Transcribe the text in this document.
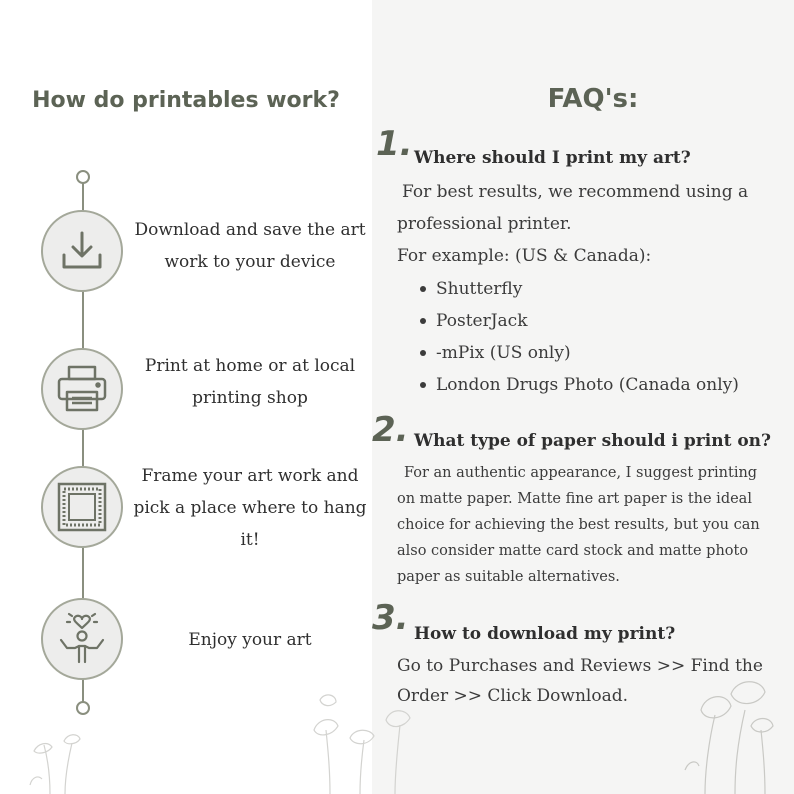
How do printables work?
Download and save the art work to your device
Print at home or at local printing shop
Frame your art work and pick a place where to hang it!
Enjoy your art
FAQ's:
1. Where should I print my art?
For best results, we recommend using a
professional printer.
For example: (US & Canada):
Shutterfly
PosterJack
-mPix (US only)
London Drugs Photo (Canada only)
2. What type of paper should i print on?
For an authentic appearance, I suggest printing
on matte paper. Matte fine art paper is the ideal
choice for achieving the best results, but you can
also consider matte card stock and matte photo
paper as suitable alternatives.
3. How to download my print?
Go to Purchases and Reviews >> Find the
Order >> Click Download.
